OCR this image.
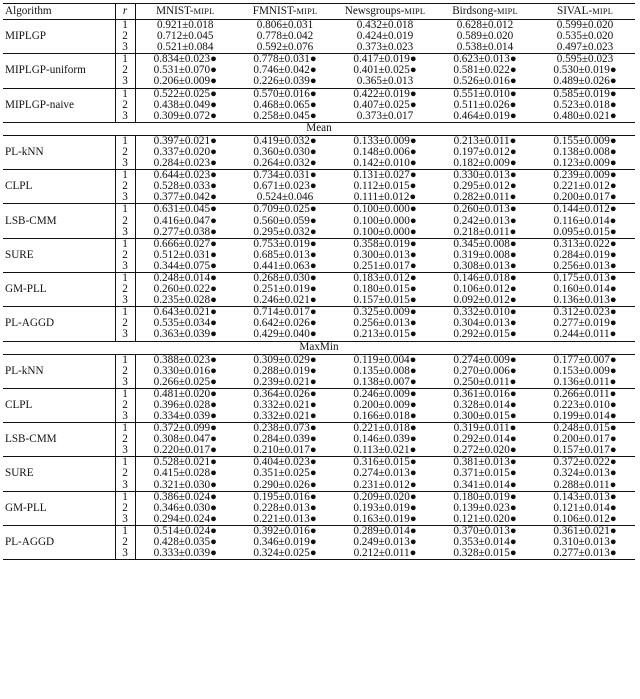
Algorithm	r	MNIST-MIPL	FMNIST-MIPL	Newsgroups-MIPL	Birdsong-MIPL	SIVAL-MIPL
MIPLGP	1	0.921±0.018	0.806±0.031	0.432±0.018	0.628±0.012	0.599±0.020
	2	0.712±0.045	0.778±0.042	0.424±0.019	0.589±0.020	0.535±0.020
	3	0.521±0.084	0.592±0.076	0.373±0.023	0.538±0.014	0.497±0.023
MIPLGP-uniform	1	0.834±0.023●	0.778±0.031●	0.417±0.019●	0.623±0.013●	0.595±0.023
	2	0.531±0.070●	0.746±0.042●	0.401±0.025●	0.581±0.022●	0.530±0.019●
	3	0.206±0.009●	0.226±0.039●	0.365±0.013	0.526±0.016●	0.489±0.026●
MIPLGP-naive	1	0.522±0.025●	0.570±0.016●	0.422±0.019●	0.551±0.010●	0.585±0.019●
	2	0.438±0.049●	0.468±0.065●	0.407±0.025●	0.511±0.026●	0.523±0.018●
	3	0.309±0.072●	0.258±0.045●	0.373±0.017	0.464±0.019●	0.480±0.021●
Mean						
PL-kNN	1	0.397±0.021●	0.419±0.032●	0.133±0.009●	0.213±0.011●	0.155±0.009●
	2	0.337±0.020●	0.360±0.030●	0.148±0.006●	0.197±0.012●	0.138±0.008●
	3	0.284±0.023●	0.264±0.032●	0.142±0.010●	0.182±0.009●	0.123±0.009●
CLPL	1	0.644±0.023●	0.734±0.031●	0.131±0.027●	0.330±0.013●	0.239±0.009●
	2	0.528±0.033●	0.671±0.023●	0.112±0.015●	0.295±0.012●	0.221±0.012●
	3	0.377±0.042●	0.524±0.046	0.111±0.012●	0.282±0.011●	0.200±0.017●
LSB-CMM	1	0.631±0.045●	0.709±0.025●	0.100±0.000●	0.260±0.013●	0.144±0.012●
	2	0.416±0.047●	0.560±0.059●	0.100±0.000●	0.242±0.013●	0.116±0.014●
	3	0.277±0.038●	0.295±0.032●	0.100±0.000●	0.218±0.011●	0.095±0.015●
SURE	1	0.666±0.027●	0.753±0.019●	0.358±0.019●	0.345±0.008●	0.313±0.022●
	2	0.512±0.031●	0.685±0.013●	0.300±0.013●	0.319±0.008●	0.284±0.019●
	3	0.344±0.075●	0.441±0.063●	0.251±0.017●	0.308±0.013●	0.256±0.013●
GM-PLL	1	0.248±0.014●	0.268±0.030●	0.183±0.012●	0.146±0.018●	0.175±0.013●
	2	0.260±0.022●	0.251±0.019●	0.180±0.015●	0.106±0.012●	0.160±0.014●
	3	0.235±0.028●	0.246±0.021●	0.157±0.015●	0.092±0.012●	0.136±0.013●
PL-AGGD	1	0.643±0.021●	0.714±0.017●	0.325±0.009●	0.332±0.010●	0.312±0.023●
	2	0.535±0.034●	0.642±0.026●	0.256±0.013●	0.304±0.013●	0.277±0.019●
	3	0.363±0.039●	0.429±0.040●	0.213±0.015●	0.292±0.015●	0.244±0.011●
MaxMin						
PL-kNN	1	0.388±0.023●	0.309±0.029●	0.119±0.004●	0.274±0.009●	0.177±0.007●
	2	0.330±0.016●	0.288±0.019●	0.135±0.008●	0.270±0.006●	0.153±0.009●
	3	0.266±0.025●	0.239±0.021●	0.138±0.007●	0.250±0.011●	0.136±0.011●
CLPL	1	0.481±0.020●	0.364±0.026●	0.246±0.009●	0.361±0.016●	0.266±0.011●
	2	0.396±0.028●	0.332±0.021●	0.200±0.009●	0.328±0.014●	0.223±0.010●
	3	0.334±0.039●	0.332±0.021●	0.166±0.018●	0.300±0.015●	0.199±0.014●
LSB-CMM	1	0.372±0.099●	0.238±0.073●	0.221±0.018●	0.319±0.011●	0.248±0.015●
	2	0.308±0.047●	0.284±0.039●	0.146±0.039●	0.292±0.014●	0.200±0.017●
	3	0.220±0.017●	0.210±0.017●	0.113±0.021●	0.272±0.020●	0.157±0.017●
SURE	1	0.528±0.021●	0.404±0.023●	0.316±0.015●	0.381±0.013●	0.372±0.022●
	2	0.415±0.028●	0.351±0.025●	0.274±0.013●	0.371±0.015●	0.324±0.013●
	3	0.321±0.030●	0.290±0.026●	0.231±0.012●	0.341±0.014●	0.288±0.011●
GM-PLL	1	0.386±0.024●	0.195±0.016●	0.209±0.020●	0.180±0.019●	0.143±0.013●
	2	0.346±0.030●	0.228±0.013●	0.193±0.019●	0.139±0.023●	0.121±0.014●
	3	0.294±0.024●	0.221±0.013●	0.163±0.019●	0.121±0.020●	0.106±0.012●
PL-AGGD	1	0.514±0.024●	0.392±0.016●	0.289±0.014●	0.370±0.013●	0.361±0.021●
	2	0.428±0.035●	0.346±0.019●	0.249±0.013●	0.353±0.014●	0.310±0.013●
	3	0.333±0.039●	0.324±0.025●	0.212±0.011●	0.328±0.015●	0.277±0.013●
